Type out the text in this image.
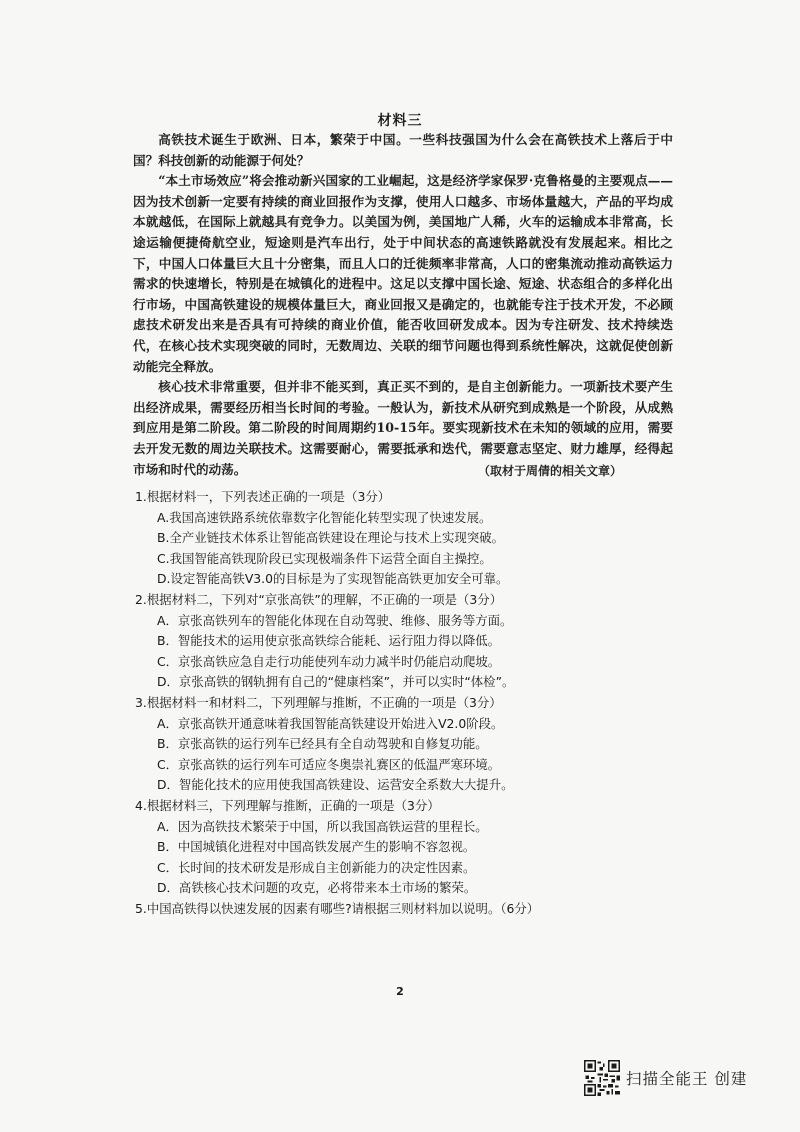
材料三

高铁技术诞生于欧洲、日本，繁荣于中国。一些科技强国为什么会在高铁技术上落后于中国？科技创新的动能源于何处？

“本土市场效应”将会推动新兴国家的工业崛起，这是经济学家保罗·克鲁格曼的主要观点——因为技术创新一定要有持续的商业回报作为支撑，使用人口越多、市场体量越大，产品的平均成本就越低，在国际上就越具有竞争力。以美国为例，美国地广人稀，火车的运输成本非常高，长途运输便捷倚航空业，短途则是汽车出行，处于中间状态的高速铁路就没有发展起来。相比之下，中国人口体量巨大且十分密集，而且人口的迁徙频率非常高，人口的密集流动推动高铁运力需求的快速增长，特别是在城镇化的进程中。这足以支撑中国长途、短途、状态组合的多样化出行市场，中国高铁建设的规模体量巨大，商业回报又是确定的，也就能专注于技术开发，不必顾虑技术研发出来是否具有可持续的商业价值，能否收回研发成本。因为专注研发、技术持续迭代，在核心技术实现突破的同时，无数周边、关联的细节问题也得到系统性解决，这就促使创新动能完全释放。

核心技术非常重要，但并非不能买到，真正买不到的，是自主创新能力。一项新技术要产生出经济成果，需要经历相当长时间的考验。一般认为，新技术从研究到成熟是一个阶段，从成熟到应用是第二阶段。第二阶段的时间周期约10-15年。要实现新技术在未知的领域的应用，需要去开发无数的周边关联技术。这需要耐心，需要抵承和迭代，需要意志坚定、财力雄厚，经得起市场和时代的动荡。	（取材于周倩的相关文章）

1.根据材料一，下列表述正确的一项是（3分）

A.我国高速铁路系统依靠数字化智能化转型实现了快速发展。

B.全产业链技术体系让智能高铁建设在理论与技术上实现突破。

C.我国智能高铁现阶段已实现极端条件下运营全面自主操控。

D.设定智能高铁V3.0的目标是为了实现智能高铁更加安全可靠。

2.根据材料二，下列对“京张高铁”的理解，不正确的一项是（3分）

A．京张高铁列车的智能化体现在自动驾驶、维修、服务等方面。

B．智能技术的运用使京张高铁综合能耗、运行阻力得以降低。

C．京张高铁应急自走行功能使列车动力减半时仍能启动爬坡。

D．京张高铁的钢轨拥有自己的“健康档案”，并可以实时“体检”。

3.根据材料一和材料二，下列理解与推断，不正确的一项是（3分）

A．京张高铁开通意味着我国智能高铁建设开始进入V2.0阶段。

B．京张高铁的运行列车已经具有全自动驾驶和自修复功能。

C．京张高铁的运行列车可适应冬奥崇礼赛区的低温严寒环境。

D．智能化技术的应用使我国高铁建设、运营安全系数大大提升。

4.根据材料三，下列理解与推断，正确的一项是（3分）

A．因为高铁技术繁荣于中国，所以我国高铁运营的里程长。

B．中国城镇化进程对中国高铁发展产生的影响不容忽视。

C．长时间的技术研发是形成自主创新能力的决定性因素。

D．高铁核心技术问题的攻克，必将带来本土市场的繁荣。

5.中国高铁得以快速发展的因素有哪些?请根据三则材料加以说明。（6分）

2
扫描全能王 创建
